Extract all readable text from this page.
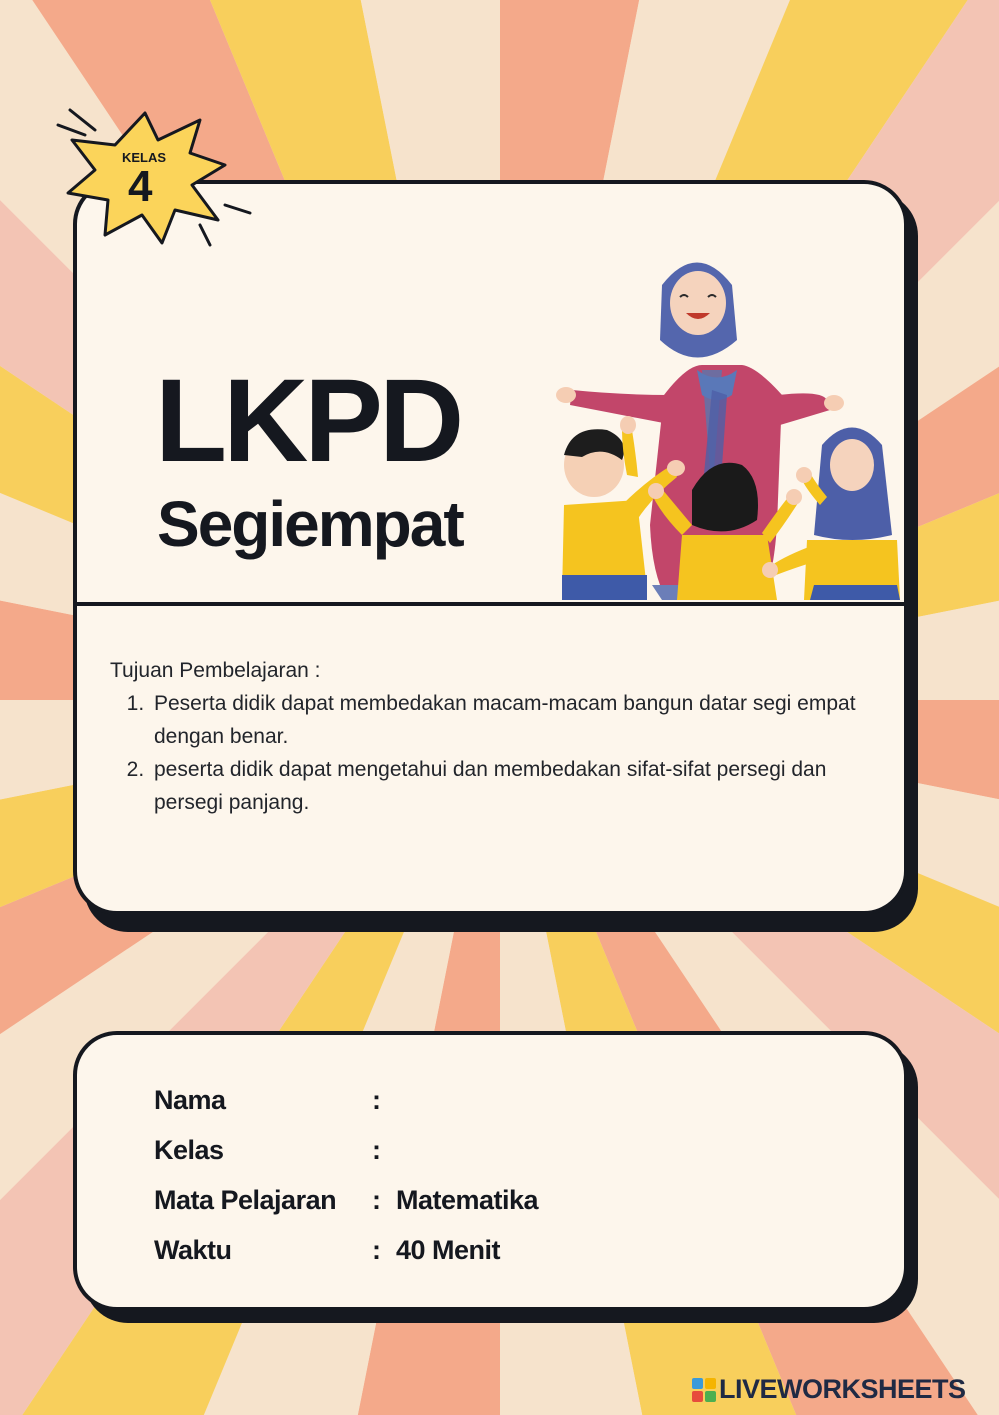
LKPD
Segiempat
Tujuan Pembelajaran :
1. Peserta didik dapat membedakan macam-macam bangun datar segi empat dengan benar.
2. peserta didik dapat mengetahui dan membedakan sifat-sifat persegi dan persegi panjang.
KELAS
4
Nama	:
Kelas	:
Mata Pelajaran	: Matematika
Waktu	: 40 Menit
LIVEWORKSHEETS
